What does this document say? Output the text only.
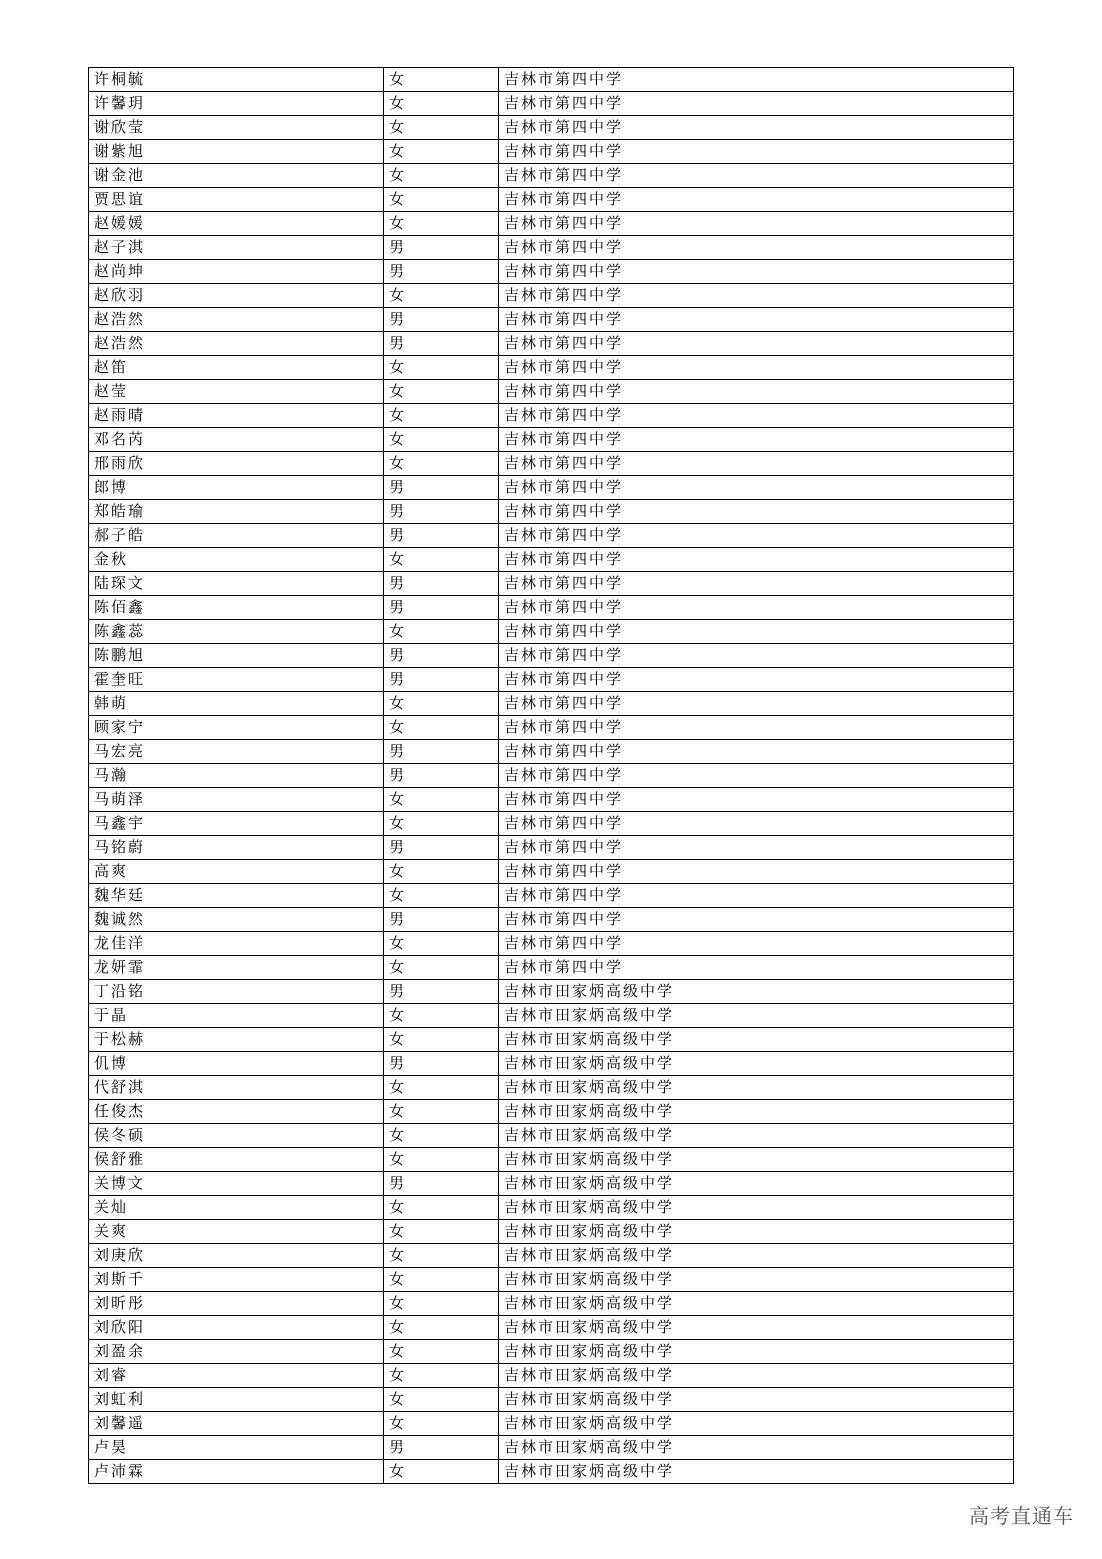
许桐毓	女	吉林市第四中学
许馨玥	女	吉林市第四中学
谢欣莹	女	吉林市第四中学
谢紫旭	女	吉林市第四中学
谢金池	女	吉林市第四中学
贾思谊	女	吉林市第四中学
赵媛媛	女	吉林市第四中学
赵子淇	男	吉林市第四中学
赵尚坤	男	吉林市第四中学
赵欣羽	女	吉林市第四中学
赵浩然	男	吉林市第四中学
赵浩然	男	吉林市第四中学
赵笛	女	吉林市第四中学
赵莹	女	吉林市第四中学
赵雨晴	女	吉林市第四中学
邓名芮	女	吉林市第四中学
邢雨欣	女	吉林市第四中学
郎博	男	吉林市第四中学
郑皓瑜	男	吉林市第四中学
郝子皓	男	吉林市第四中学
金秋	女	吉林市第四中学
陆琛文	男	吉林市第四中学
陈佰鑫	男	吉林市第四中学
陈鑫蕊	女	吉林市第四中学
陈鹏旭	男	吉林市第四中学
霍奎旺	男	吉林市第四中学
韩萌	女	吉林市第四中学
顾家宁	女	吉林市第四中学
马宏亮	男	吉林市第四中学
马瀚	男	吉林市第四中学
马萌泽	女	吉林市第四中学
马鑫宇	女	吉林市第四中学
马铭蔚	男	吉林市第四中学
高爽	女	吉林市第四中学
魏华廷	女	吉林市第四中学
魏诚然	男	吉林市第四中学
龙佳洋	女	吉林市第四中学
龙妍霏	女	吉林市第四中学
丁沿铭	男	吉林市田家炳高级中学
于晶	女	吉林市田家炳高级中学
于松赫	女	吉林市田家炳高级中学
仉博	男	吉林市田家炳高级中学
代舒淇	女	吉林市田家炳高级中学
任俊杰	女	吉林市田家炳高级中学
侯冬硕	女	吉林市田家炳高级中学
侯舒雅	女	吉林市田家炳高级中学
关博文	男	吉林市田家炳高级中学
关灿	女	吉林市田家炳高级中学
关爽	女	吉林市田家炳高级中学
刘庚欣	女	吉林市田家炳高级中学
刘斯千	女	吉林市田家炳高级中学
刘昕彤	女	吉林市田家炳高级中学
刘欣阳	女	吉林市田家炳高级中学
刘盈余	女	吉林市田家炳高级中学
刘睿	女	吉林市田家炳高级中学
刘虹利	女	吉林市田家炳高级中学
刘馨遥	女	吉林市田家炳高级中学
卢昊	男	吉林市田家炳高级中学
卢沛霖	女	吉林市田家炳高级中学
高考直通车
